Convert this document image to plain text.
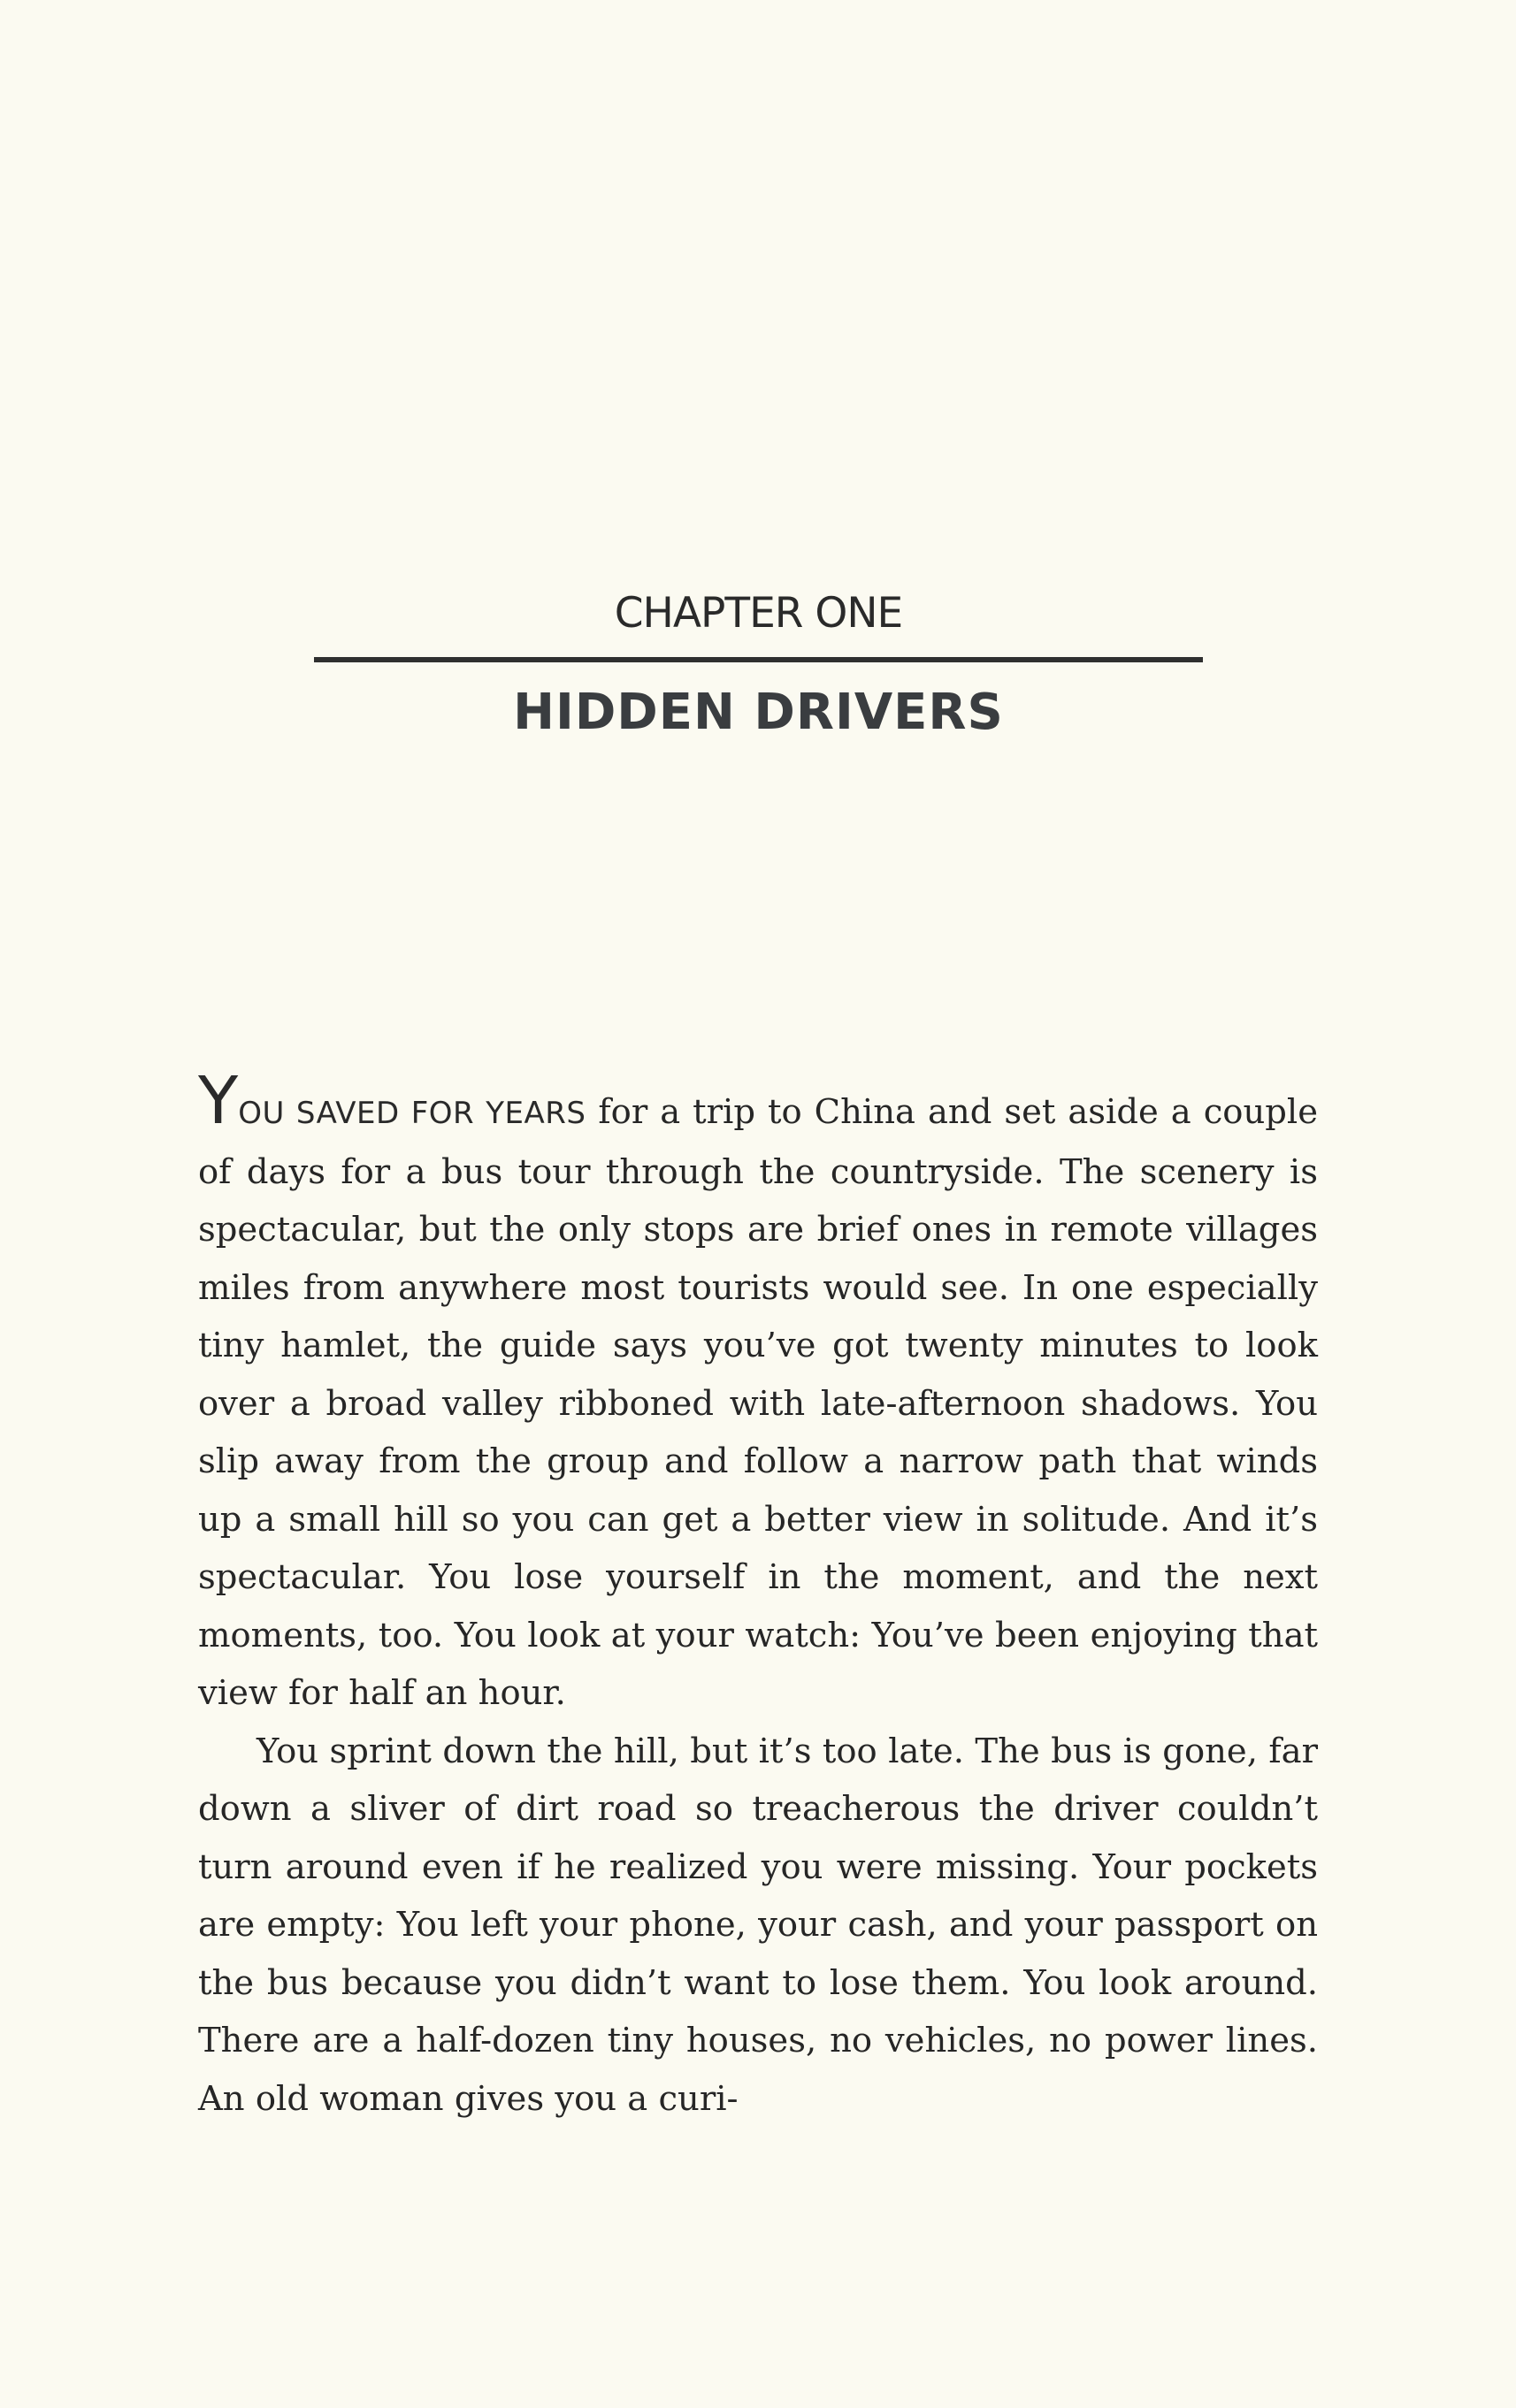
CHAPTER ONE
HIDDEN DRIVERS

YOU SAVED FOR YEARS for a trip to China and set aside a couple of days for a bus tour through the countryside. The scenery is spectacular, but the only stops are brief ones in remote villages miles from anywhere most tourists would see. In one especially tiny hamlet, the guide says you’ve got twenty minutes to look over a broad valley ribboned with late-afternoon shadows. You slip away from the group and follow a narrow path that winds up a small hill so you can get a better view in solitude. And it’s spectacular. You lose yourself in the moment, and the next moments, too. You look at your watch: You’ve been enjoying that view for half an hour.

You sprint down the hill, but it’s too late. The bus is gone, far down a sliver of dirt road so treacherous the driver couldn’t turn around even if he realized you were missing. Your pockets are empty: You left your phone, your cash, and your passport on the bus because you didn’t want to lose them. You look around. There are a half-dozen tiny houses, no vehicles, no power lines. An old woman gives you a curi-
